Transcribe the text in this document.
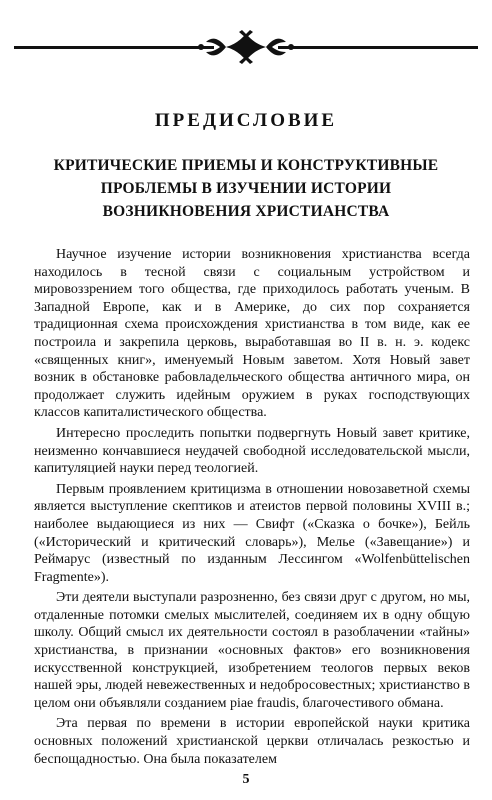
ПРЕДИСЛОВИЕ
КРИТИЧЕСКИЕ ПРИЕМЫ И КОНСТРУКТИВНЫЕ ПРОБЛЕМЫ В ИЗУЧЕНИИ ИСТОРИИ ВОЗНИКНОВЕНИЯ ХРИСТИАНСТВА

Научное изучение истории возникновения христианства всегда находилось в тесной связи с социальным устройством и мировоззрением того общества, где приходилось работать ученым. В Западной Европе, как и в Америке, до сих пор сохраняется традиционная схема происхождения христианства в том виде, как ее построила и закрепила церковь, выработавшая во II в. н. э. кодекс «священных книг», именуемый Новым заветом. Хотя Новый завет возник в обстановке рабовладельческого общества античного мира, он продолжает служить идейным оружием в руках господствующих классов капиталистического общества.

Интересно проследить попытки подвергнуть Новый завет критике, неизменно кончавшиеся неудачей свободной исследовательской мысли, капитуляцией науки перед теологией.

Первым проявлением критицизма в отношении новозаветной схемы является выступление скептиков и атеистов первой половины XVIII в.; наиболее выдающиеся из них — Свифт («Сказка о бочке»), Бейль («Исторический и критический словарь»), Мелье («Завещание») и Реймарус (известный по изданным Лессингом «Wolfenbüttelischen Fragmente»).

Эти деятели выступали разрозненно, без связи друг с другом, но мы, отдаленные потомки смелых мыслителей, соединяем их в одну общую школу. Общий смысл их деятельности состоял в разоблачении «тайны» христианства, в признании «основных фактов» его возникновения искусственной конструкцией, изобретением теологов первых веков нашей эры, людей невежественных и недобросовестных; христианство в целом они объявляли созданием piae fraudis, благочестивого обмана.

Эта первая по времени в истории европейской науки критика основных положений христианской церкви отличалась резкостью и беспощадностью. Она была показателем

5
